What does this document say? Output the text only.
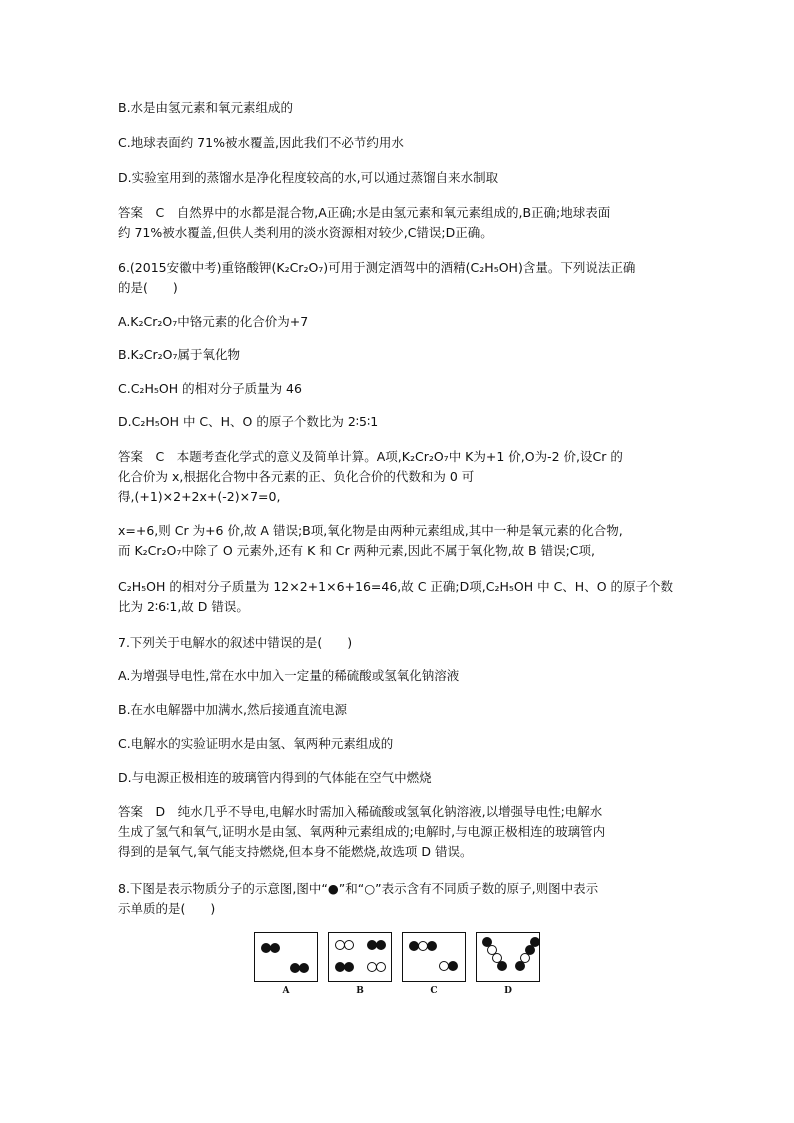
B.水是由氢元素和氧元素组成的
C.地球表面约 71%被水覆盖,因此我们不必节约用水
D.实验室用到的蒸馏水是净化程度较高的水,可以通过蒸馏自来水制取
答案　C　自然界中的水都是混合物,A正确;水是由氢元素和氧元素组成的,B正确;地球表面
约 71%被水覆盖,但供人类利用的淡水资源相对较少,C错误;D正确。
6.(2015安徽中考)重铬酸钾(K₂Cr₂O₇)可用于测定酒驾中的酒精(C₂H₅OH)含量。下列说法正确
的是(　　)
A.K₂Cr₂O₇中铬元素的化合价为+7
B.K₂Cr₂O₇属于氧化物
C.C₂H₅OH 的相对分子质量为 46
D.C₂H₅OH 中 C、H、O 的原子个数比为 2∶5∶1
答案　C　本题考查化学式的意义及简单计算。A项,K₂Cr₂O₇中 K为+1 价,O为-2 价,设Cr 的
化合价为 x,根据化合物中各元素的正、负化合价的代数和为 0 可
得,(+1)×2+2x+(-2)×7=0,
x=+6,则 Cr 为+6 价,故 A 错误;B项,氧化物是由两种元素组成,其中一种是氧元素的化合物,
而 K₂Cr₂O₇中除了 O 元素外,还有 K 和 Cr 两种元素,因此不属于氧化物,故 B 错误;C项,
C₂H₅OH 的相对分子质量为 12×2+1×6+16=46,故 C 正确;D项,C₂H₅OH 中 C、H、O 的原子个数
比为 2∶6∶1,故 D 错误。
7.下列关于电解水的叙述中错误的是(　　)
A.为增强导电性,常在水中加入一定量的稀硫酸或氢氧化钠溶液
B.在水电解器中加满水,然后接通直流电源
C.电解水的实验证明水是由氢、氧两种元素组成的
D.与电源正极相连的玻璃管内得到的气体能在空气中燃烧
答案　D　纯水几乎不导电,电解水时需加入稀硫酸或氢氧化钠溶液,以增强导电性;电解水
生成了氢气和氧气,证明水是由氢、氧两种元素组成的;电解时,与电源正极相连的玻璃管内
得到的是氧气,氧气能支持燃烧,但本身不能燃烧,故选项 D 错误。
8.下图是表示物质分子的示意图,图中“●”和“○”表示含有不同质子数的原子,则图中表示
示单质的是(　　)
A	B	C	D
